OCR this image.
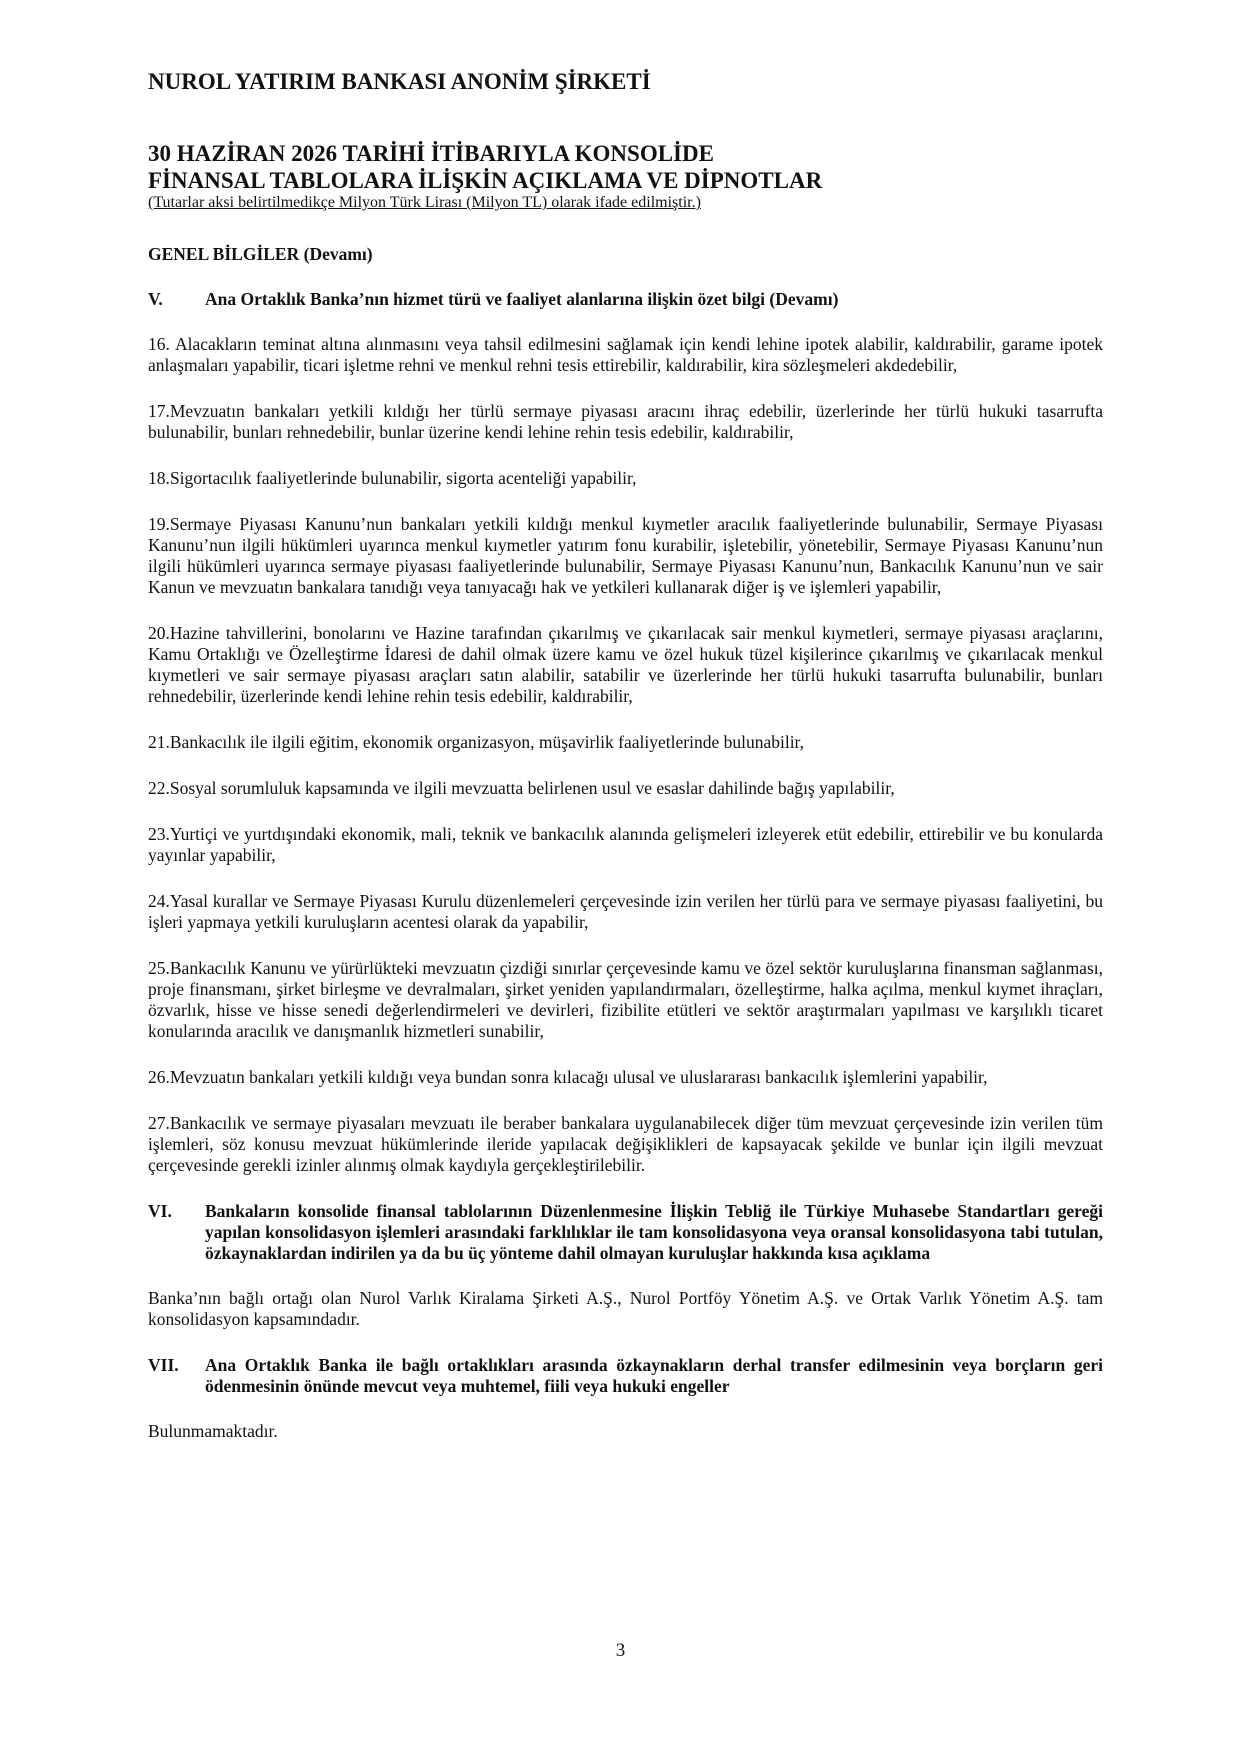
NUROL YATIRIM BANKASI ANONİM ŞİRKETİ
30 HAZİRAN 2026 TARİHİ İTİBARIYLA KONSOLİDE
FİNANSAL TABLOLARA İLİŞKİN AÇIKLAMA VE DİPNOTLAR
(Tutarlar aksi belirtilmedikçe Milyon Türk Lirası (Milyon TL) olarak ifade edilmiştir.)
GENEL BİLGİLER (Devamı)
V.	Ana Ortaklık Banka’nın hizmet türü ve faaliyet alanlarına ilişkin özet bilgi (Devamı)

16. Alacakların teminat altına alınmasını veya tahsil edilmesini sağlamak için kendi lehine ipotek alabilir, kaldırabilir, garame ipotek anlaşmaları yapabilir, ticari işletme rehni ve menkul rehni tesis ettirebilir, kaldırabilir, kira sözleşmeleri akdedebilir,

17.Mevzuatın bankaları yetkili kıldığı her türlü sermaye piyasası aracını ihraç edebilir, üzerlerinde her türlü hukuki tasarrufta bulunabilir, bunları rehnedebilir, bunlar üzerine kendi lehine rehin tesis edebilir, kaldırabilir,

18.Sigortacılık faaliyetlerinde bulunabilir, sigorta acenteliği yapabilir,

19.Sermaye Piyasası Kanunu’nun bankaları yetkili kıldığı menkul kıymetler aracılık faaliyetlerinde bulunabilir, Sermaye Piyasası Kanunu’nun ilgili hükümleri uyarınca menkul kıymetler yatırım fonu kurabilir, işletebilir, yönetebilir, Sermaye Piyasası Kanunu’nun ilgili hükümleri uyarınca sermaye piyasası faaliyetlerinde bulunabilir, Sermaye Piyasası Kanunu’nun, Bankacılık Kanunu’nun ve sair Kanun ve mevzuatın bankalara tanıdığı veya tanıyacağı hak ve yetkileri kullanarak diğer iş ve işlemleri yapabilir,

20.Hazine tahvillerini, bonolarını ve Hazine tarafından çıkarılmış ve çıkarılacak sair menkul kıymetleri, sermaye piyasası araçlarını, Kamu Ortaklığı ve Özelleştirme İdaresi de dahil olmak üzere kamu ve özel hukuk tüzel kişilerince çıkarılmış ve çıkarılacak menkul kıymetleri ve sair sermaye piyasası araçları satın alabilir, satabilir ve üzerlerinde her türlü hukuki tasarrufta bulunabilir, bunları rehnedebilir, üzerlerinde kendi lehine rehin tesis edebilir, kaldırabilir,

21.Bankacılık ile ilgili eğitim, ekonomik organizasyon, müşavirlik faaliyetlerinde bulunabilir,

22.Sosyal sorumluluk kapsamında ve ilgili mevzuatta belirlenen usul ve esaslar dahilinde bağış yapılabilir,

23.Yurtiçi ve yurtdışındaki ekonomik, mali, teknik ve bankacılık alanında gelişmeleri izleyerek etüt edebilir, ettirebilir ve bu konularda yayınlar yapabilir,

24.Yasal kurallar ve Sermaye Piyasası Kurulu düzenlemeleri çerçevesinde izin verilen her türlü para ve sermaye piyasası faaliyetini, bu işleri yapmaya yetkili kuruluşların acentesi olarak da yapabilir,

25.Bankacılık Kanunu ve yürürlükteki mevzuatın çizdiği sınırlar çerçevesinde kamu ve özel sektör kuruluşlarına finansman sağlanması, proje finansmanı, şirket birleşme ve devralmaları, şirket yeniden yapılandırmaları, özelleştirme, halka açılma, menkul kıymet ihraçları, özvarlık, hisse ve hisse senedi değerlendirmeleri ve devirleri, fizibilite etütleri ve sektör araştırmaları yapılması ve karşılıklı ticaret konularında aracılık ve danışmanlık hizmetleri sunabilir,

26.Mevzuatın bankaları yetkili kıldığı veya bundan sonra kılacağı ulusal ve uluslararası bankacılık işlemlerini yapabilir,

27.Bankacılık ve sermaye piyasaları mevzuatı ile beraber bankalara uygulanabilecek diğer tüm mevzuat çerçevesinde izin verilen tüm işlemleri, söz konusu mevzuat hükümlerinde ileride yapılacak değişiklikleri de kapsayacak şekilde ve bunlar için ilgili mevzuat çerçevesinde gerekli izinler alınmış olmak kaydıyla gerçekleştirilebilir.

VI.	Bankaların konsolide finansal tablolarının Düzenlenmesine İlişkin Tebliğ ile Türkiye Muhasebe Standartları gereği yapılan konsolidasyon işlemleri arasındaki farklılıklar ile tam konsolidasyona veya oransal konsolidasyona tabi tutulan, özkaynaklardan indirilen ya da bu üç yönteme dahil olmayan kuruluşlar hakkında kısa açıklama

Banka’nın bağlı ortağı olan Nurol Varlık Kiralama Şirketi A.Ş., Nurol Portföy Yönetim A.Ş. ve Ortak Varlık Yönetim A.Ş. tam konsolidasyon kapsamındadır.

VII.	Ana Ortaklık Banka ile bağlı ortaklıkları arasında özkaynakların derhal transfer edilmesinin veya borçların geri ödenmesinin önünde mevcut veya muhtemel, fiili veya hukuki engeller

Bulunmamaktadır.

3
